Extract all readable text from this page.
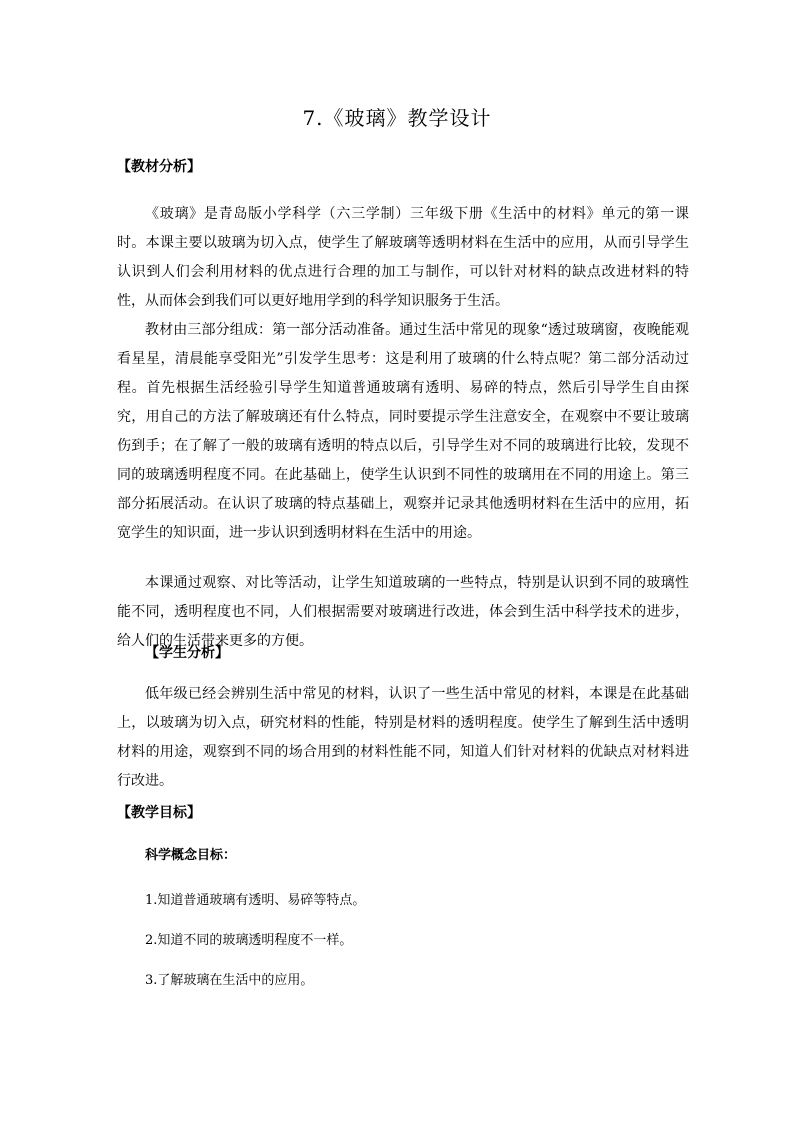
7.《玻璃》教学设计
【教材分析】
《玻璃》是青岛版小学科学（六三学制）三年级下册《生活中的材料》单元的第一课时。本课主要以玻璃为切入点，使学生了解玻璃等透明材料在生活中的应用，从而引导学生认识到人们会利用材料的优点进行合理的加工与制作，可以针对材料的缺点改进材料的特性，从而体会到我们可以更好地用学到的科学知识服务于生活。
教材由三部分组成：第一部分活动准备。通过生活中常见的现象“透过玻璃窗，夜晚能观看星星，清晨能享受阳光”引发学生思考：这是利用了玻璃的什么特点呢？第二部分活动过程。首先根据生活经验引导学生知道普通玻璃有透明、易碎的特点，然后引导学生自由探究，用自己的方法了解玻璃还有什么特点，同时要提示学生注意安全，在观察中不要让玻璃伤到手；在了解了一般的玻璃有透明的特点以后，引导学生对不同的玻璃进行比较，发现不同的玻璃透明程度不同。在此基础上，使学生认识到不同性的玻璃用在不同的用途上。第三部分拓展活动。在认识了玻璃的特点基础上，观察并记录其他透明材料在生活中的应用，拓宽学生的知识面，进一步认识到透明材料在生活中的用途。
本课通过观察、对比等活动，让学生知道玻璃的一些特点，特别是认识到不同的玻璃性能不同，透明程度也不同，人们根据需要对玻璃进行改进，体会到生活中科学技术的进步，给人们的生活带来更多的方便。
【学生分析】
低年级已经会辨别生活中常见的材料，认识了一些生活中常见的材料，本课是在此基础上，以玻璃为切入点，研究材料的性能，特别是材料的透明程度。使学生了解到生活中透明材料的用途，观察到不同的场合用到的材料性能不同，知道人们针对材料的优缺点对材料进行改进。
【教学目标】
科学概念目标：
1.知道普通玻璃有透明、易碎等特点。
2.知道不同的玻璃透明程度不一样。
3.了解玻璃在生活中的应用。
